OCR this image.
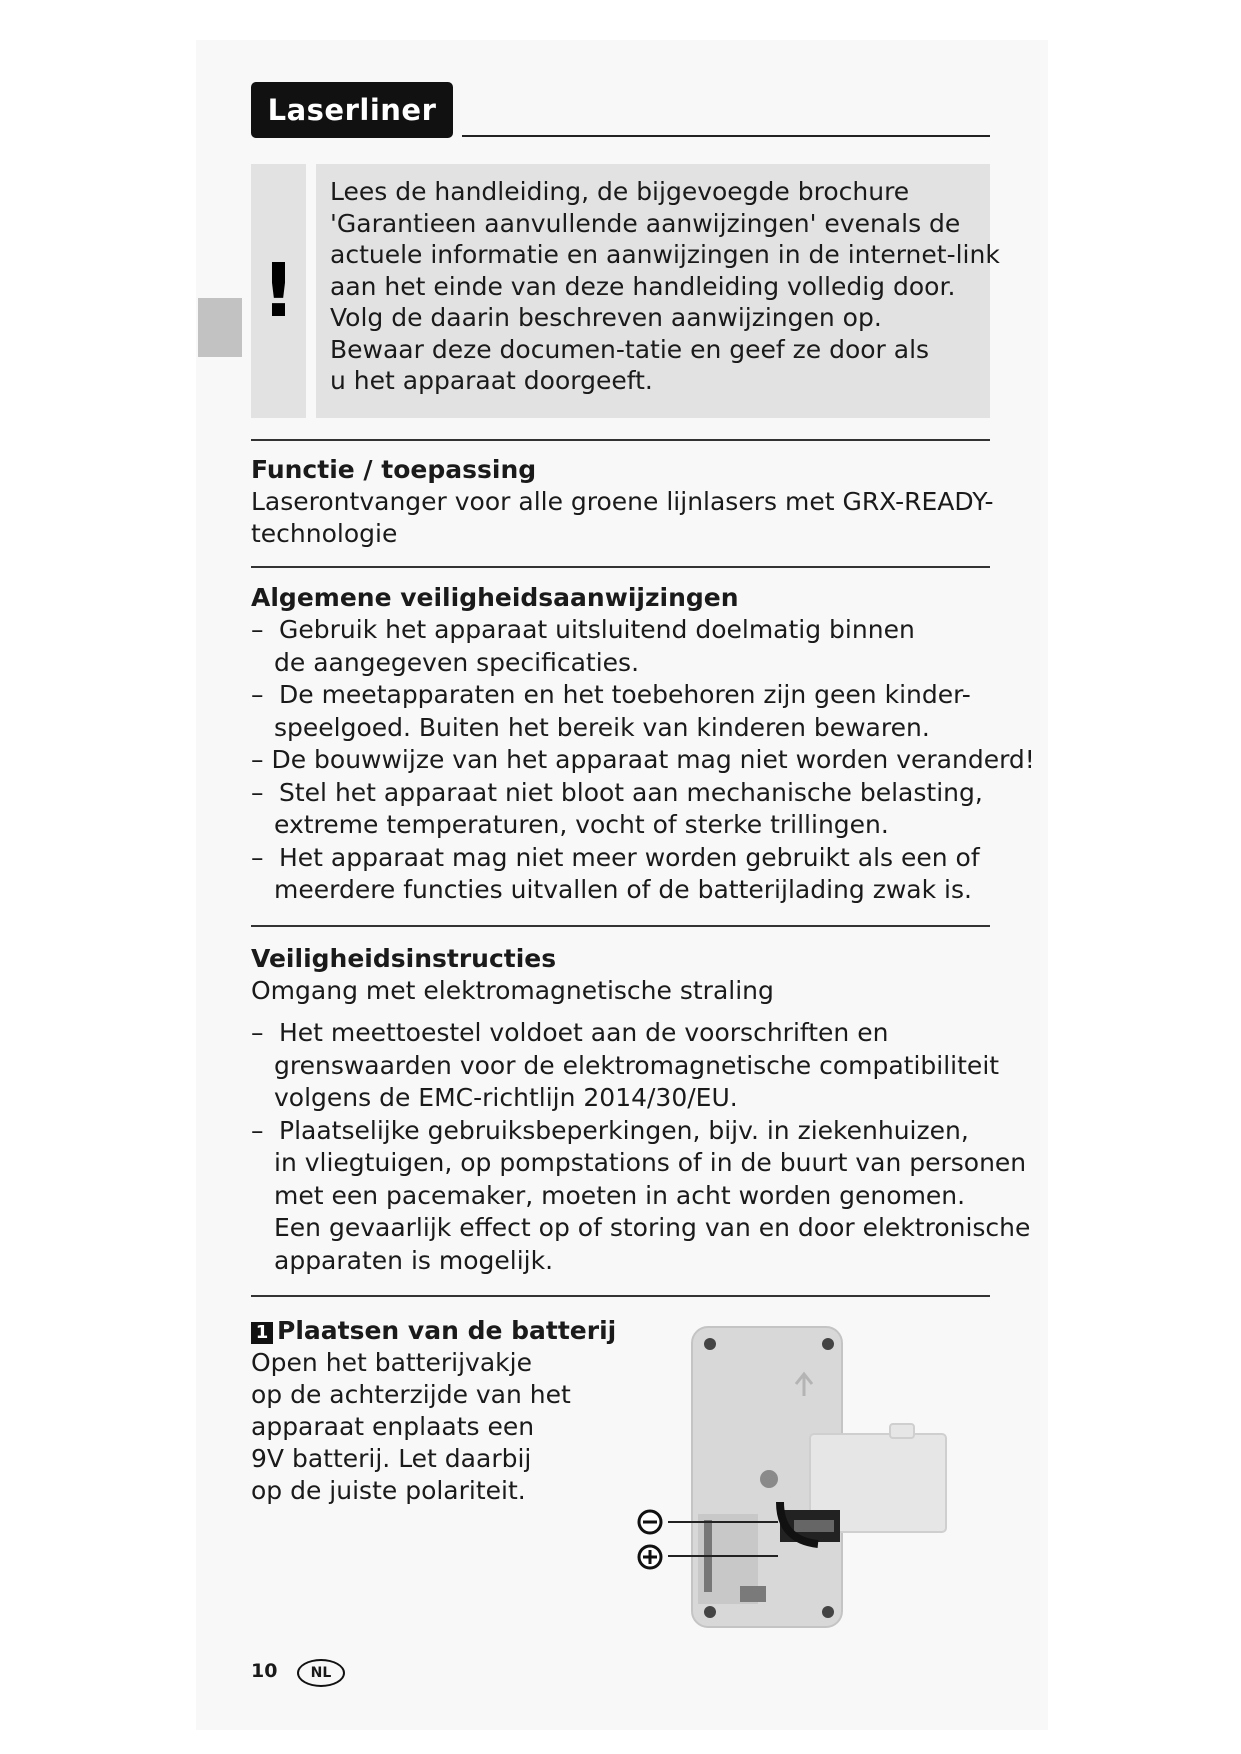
Laserliner
!

Lees de handleiding, de bijgevoegde brochure

'Garantieen aanvullende aanwijzingen' evenals de

actuele informatie en aanwijzingen in de internet-link

aan het einde van deze handleiding volledig door.

Volg de daarin beschreven aanwijzingen op.

Bewaar deze documen-tatie en geef ze door als

u het apparaat doorgeeft.

Functie / toepassing

Laserontvanger voor alle groene lijnlasers met GRX-READY-

technologie

Algemene veiligheidsaanwijzingen

– Gebruik het apparaat uitsluitend doelmatig binnen

de aangegeven specificaties.

– De meetapparaten en het toebehoren zijn geen kinder-

speelgoed. Buiten het bereik van kinderen bewaren.

– De bouwwijze van het apparaat mag niet worden veranderd!

– Stel het apparaat niet bloot aan mechanische belasting,

extreme temperaturen, vocht of sterke trillingen.

– Het apparaat mag niet meer worden gebruikt als een of

meerdere functies uitvallen of de batterijlading zwak is.

Veiligheidsinstructies

Omgang met elektromagnetische straling

– Het meettoestel voldoet aan de voorschriften en

grenswaarden voor de elektromagnetische compatibiliteit

volgens de EMC-richtlijn 2014/30/EU.

– Plaatselijke gebruiksbeperkingen, bijv. in ziekenhuizen,

in vliegtuigen, op pompstations of in de buurt van personen

met een pacemaker, moeten in acht worden genomen.

Een gevaarlijk effect op of storing van en door elektronische

apparaten is mogelijk.

1 Plaatsen van de batterij

Open het batterijvakje

op de achterzijde van het

apparaat enplaats een

9V batterij. Let daarbij

op de juiste polariteit.

10	NL
